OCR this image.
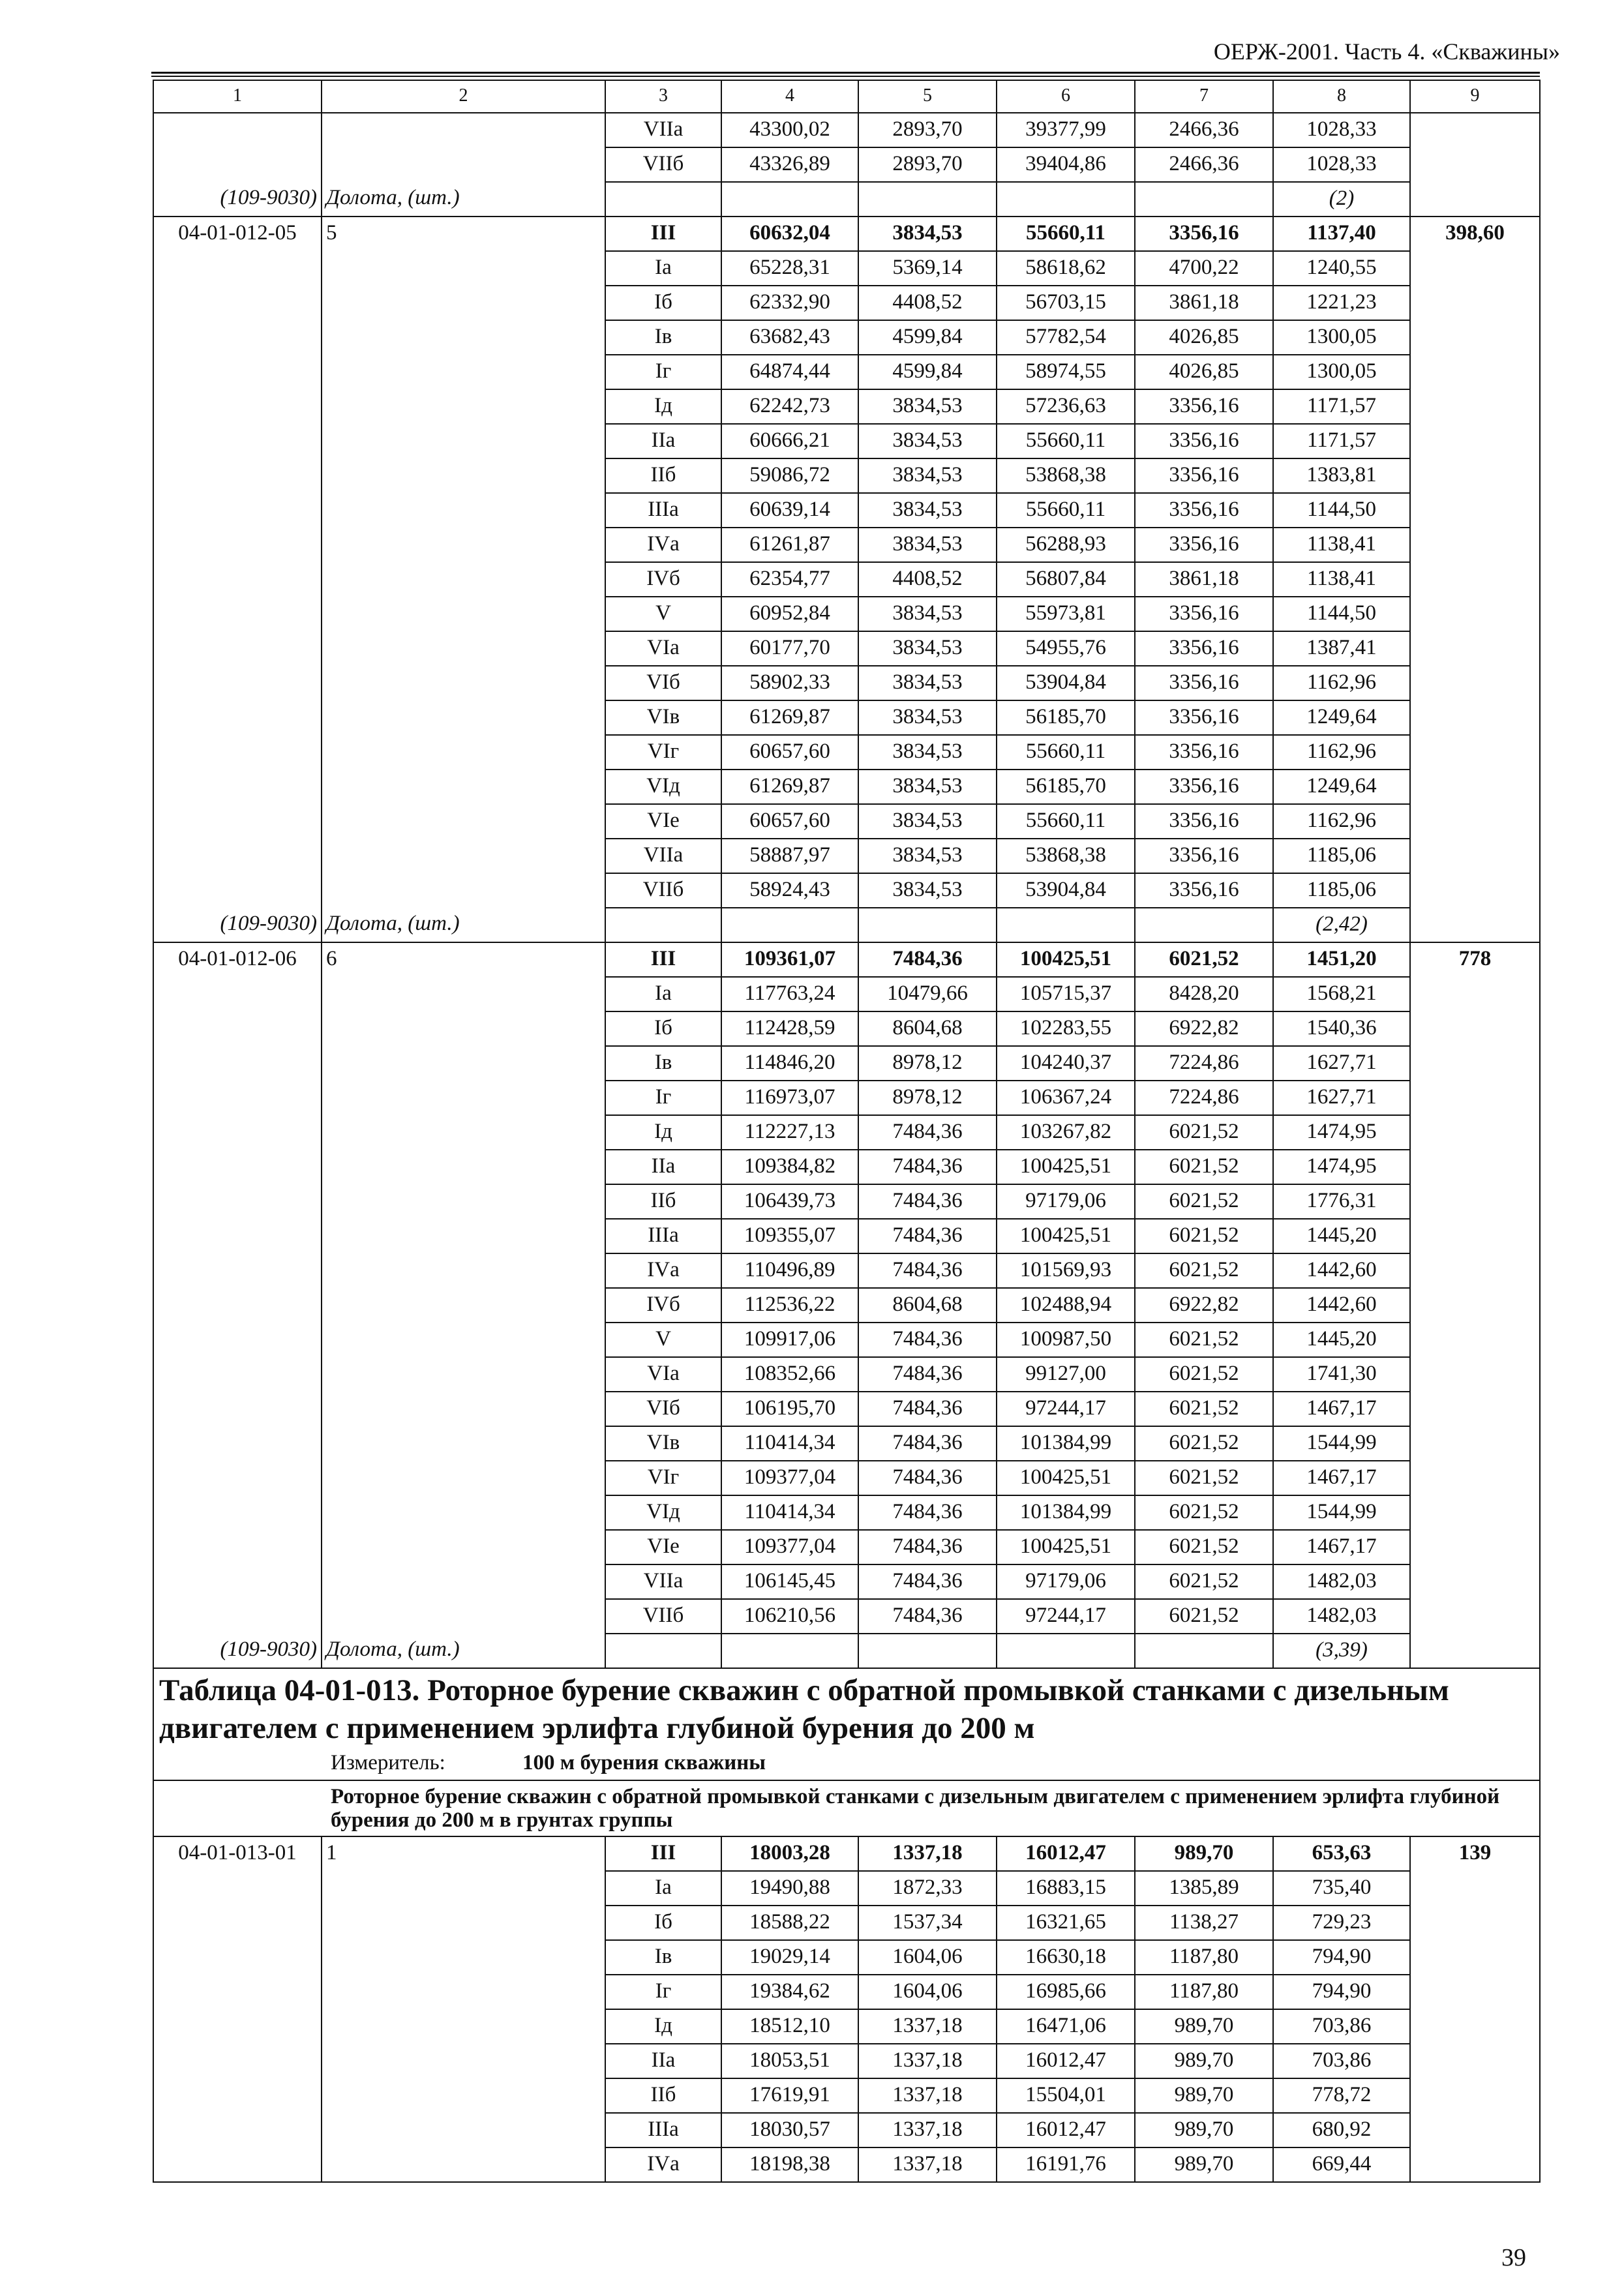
ОЕРЖ-2001. Часть 4. «Скважины»
1	2	3	4	5	6	7	8	9
		VIIа	43300,02	2893,70	39377,99	2466,36	1028,33	
		VIIб	43326,89	2893,70	39404,86	2466,36	1028,33	
(109-9030)	Долота, (шт.)						(2)	
04-01-012-05	5	III	60632,04	3834,53	55660,11	3356,16	1137,40	398,60
		Iа	65228,31	5369,14	58618,62	4700,22	1240,55	
		Iб	62332,90	4408,52	56703,15	3861,18	1221,23	
		Iв	63682,43	4599,84	57782,54	4026,85	1300,05	
		Iг	64874,44	4599,84	58974,55	4026,85	1300,05	
		Iд	62242,73	3834,53	57236,63	3356,16	1171,57	
		IIа	60666,21	3834,53	55660,11	3356,16	1171,57	
		IIб	59086,72	3834,53	53868,38	3356,16	1383,81	
		IIIа	60639,14	3834,53	55660,11	3356,16	1144,50	
		IVа	61261,87	3834,53	56288,93	3356,16	1138,41	
		IVб	62354,77	4408,52	56807,84	3861,18	1138,41	
		V	60952,84	3834,53	55973,81	3356,16	1144,50	
		VIа	60177,70	3834,53	54955,76	3356,16	1387,41	
		VIб	58902,33	3834,53	53904,84	3356,16	1162,96	
		VIв	61269,87	3834,53	56185,70	3356,16	1249,64	
		VIг	60657,60	3834,53	55660,11	3356,16	1162,96	
		VIд	61269,87	3834,53	56185,70	3356,16	1249,64	
		VIе	60657,60	3834,53	55660,11	3356,16	1162,96	
		VIIа	58887,97	3834,53	53868,38	3356,16	1185,06	
		VIIб	58924,43	3834,53	53904,84	3356,16	1185,06	
(109-9030)	Долота, (шт.)						(2,42)	
04-01-012-06	6	III	109361,07	7484,36	100425,51	6021,52	1451,20	778
		Iа	117763,24	10479,66	105715,37	8428,20	1568,21	
		Iб	112428,59	8604,68	102283,55	6922,82	1540,36	
		Iв	114846,20	8978,12	104240,37	7224,86	1627,71	
		Iг	116973,07	8978,12	106367,24	7224,86	1627,71	
		Iд	112227,13	7484,36	103267,82	6021,52	1474,95	
		IIа	109384,82	7484,36	100425,51	6021,52	1474,95	
		IIб	106439,73	7484,36	97179,06	6021,52	1776,31	
		IIIа	109355,07	7484,36	100425,51	6021,52	1445,20	
		IVа	110496,89	7484,36	101569,93	6021,52	1442,60	
		IVб	112536,22	8604,68	102488,94	6922,82	1442,60	
		V	109917,06	7484,36	100987,50	6021,52	1445,20	
		VIа	108352,66	7484,36	99127,00	6021,52	1741,30	
		VIб	106195,70	7484,36	97244,17	6021,52	1467,17	
		VIв	110414,34	7484,36	101384,99	6021,52	1544,99	
		VIг	109377,04	7484,36	100425,51	6021,52	1467,17	
		VIд	110414,34	7484,36	101384,99	6021,52	1544,99	
		VIе	109377,04	7484,36	100425,51	6021,52	1467,17	
		VIIа	106145,45	7484,36	97179,06	6021,52	1482,03	
		VIIб	106210,56	7484,36	97244,17	6021,52	1482,03	
(109-9030)	Долота, (шт.)						(3,39)	

Таблица 04-01-013. Роторное бурение скважин с обратной промывкой станками с дизельным двигателем с применением эрлифта глубиной бурения до 200 м
Измеритель: 100 м бурения скважины								

Роторное бурение скважин с обратной промывкой станками с дизельным двигателем с применением эрлифта глубиной бурения до 200 м в грунтах группы								

04-01-013-01	1	III	18003,28	1337,18	16012,47	989,70	653,63	139
		Iа	19490,88	1872,33	16883,15	1385,89	735,40	
		Iб	18588,22	1537,34	16321,65	1138,27	729,23	
		Iв	19029,14	1604,06	16630,18	1187,80	794,90	
		Iг	19384,62	1604,06	16985,66	1187,80	794,90	
		Iд	18512,10	1337,18	16471,06	989,70	703,86	
		IIа	18053,51	1337,18	16012,47	989,70	703,86	
		IIб	17619,91	1337,18	15504,01	989,70	778,72	
		IIIа	18030,57	1337,18	16012,47	989,70	680,92	
		IVа	18198,38	1337,18	16191,76	989,70	669,44	
39
